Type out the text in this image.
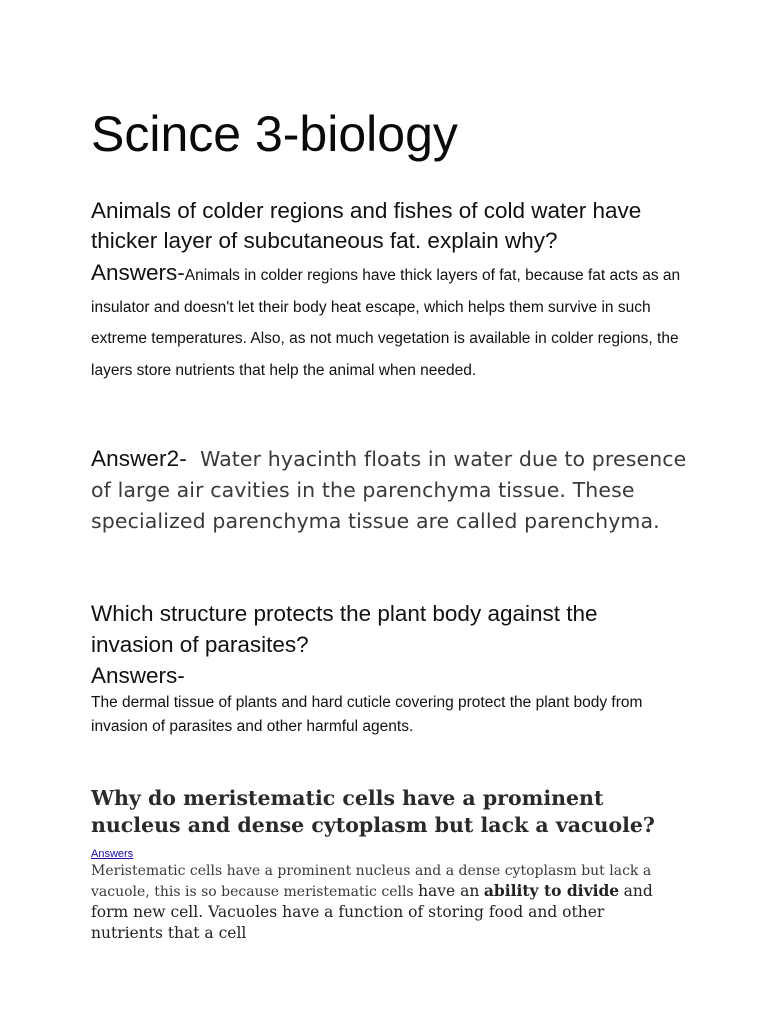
Scince 3-biology

Animals of colder regions and fishes of cold water have thicker layer of subcutaneous fat. explain why?

Answers-Animals in colder regions have thick layers of fat, because fat acts as an insulator and doesn't let their body heat escape, which helps them survive in such extreme temperatures. Also, as not much vegetation is available in colder regions, the layers store nutrients that help the animal when needed.

Answer2- Water hyacinth floats in water due to presence of large air cavities in the parenchyma tissue. These specialized parenchyma tissue are called parenchyma.

Which structure protects the plant body against the invasion of parasites?

Answers-

The dermal tissue of plants and hard cuticle covering protect the plant body from invasion of parasites and other harmful agents.

Why do meristematic cells have a prominent nucleus and dense cytoplasm but lack a vacuole?
Answers

Meristematic cells have a prominent nucleus and a dense cytoplasm but lack a vacuole, this is so because meristematic cells have an ability to divide and form new cell. Vacuoles have a function of storing food and other nutrients that a cell
